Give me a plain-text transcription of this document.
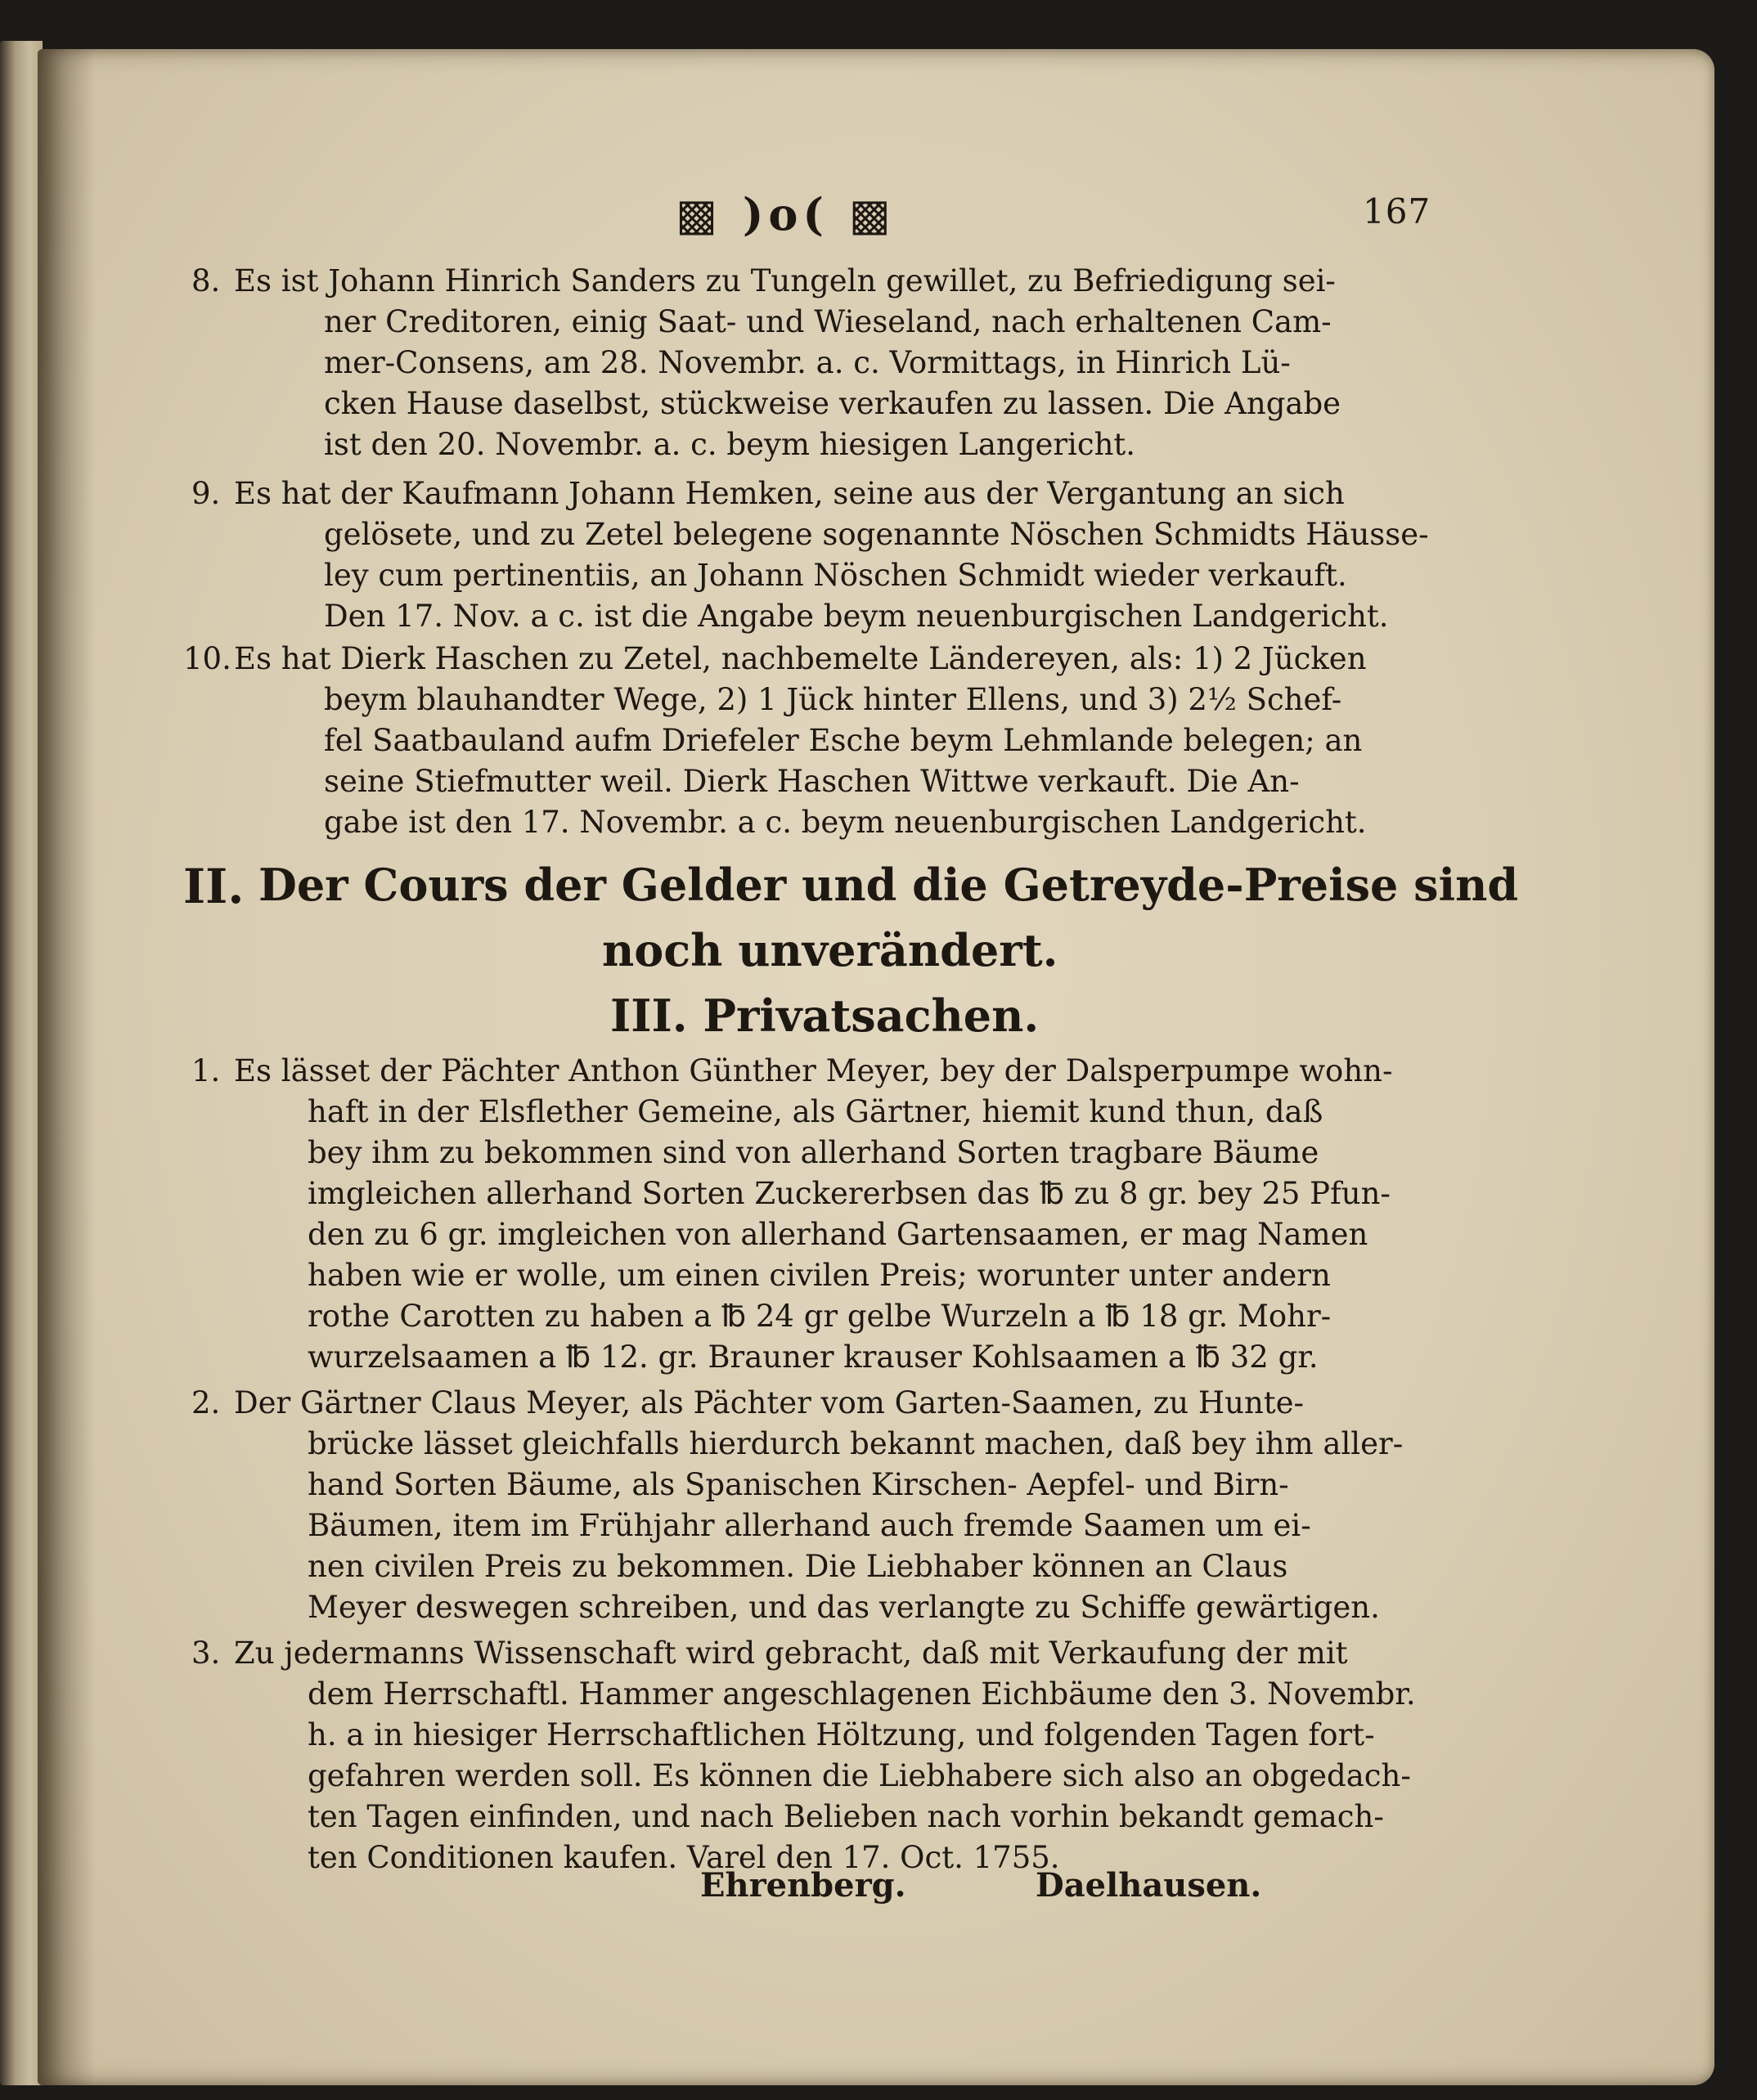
▩ )o( ▩	167
8. Es ist Johann Hinrich Sanders zu Tungeln gewillet, zu Befriedigung sei-
ner Creditoren, einig Saat- und Wieseland, nach erhaltenen Cam-
mer-Consens, am 28. Novembr. a. c. Vormittags, in Hinrich Lü-
cken Hause daselbst, stückweise verkaufen zu lassen. Die Angabe
ist den 20. Novembr. a. c. beym hiesigen Langericht.
9. Es hat der Kaufmann Johann Hemken, seine aus der Vergantung an sich
gelösete, und zu Zetel belegene sogenannte Nöschen Schmidts Häusse-
ley cum pertinentiis, an Johann Nöschen Schmidt wieder verkauft.
Den 17. Nov. a c. ist die Angabe beym neuenburgischen Landgericht.
10. Es hat Dierk Haschen zu Zetel, nachbemelte Ländereyen, als: 1) 2 Jücken
beym blauhandter Wege, 2) 1 Jück hinter Ellens, und 3) 2½ Schef-
fel Saatbauland aufm Driefeler Esche beym Lehmlande belegen; an
seine Stiefmutter weil. Dierk Haschen Wittwe verkauft. Die An-
gabe ist den 17. Novembr. a c. beym neuenburgischen Landgericht.
II. Der Cours der Gelder und die Getreyde-Preise sind
noch unverändert.
III. Privatsachen.
1. Es lässet der Pächter Anthon Günther Meyer, bey der Dalsperpumpe wohn-
haft in der Elsflether Gemeine, als Gärtner, hiemit kund thun, daß
bey ihm zu bekommen sind von allerhand Sorten tragbare Bäume
imgleichen allerhand Sorten Zuckererbsen das ℔ zu 8 gr. bey 25 Pfun-
den zu 6 gr. imgleichen von allerhand Gartensaamen, er mag Namen
haben wie er wolle, um einen civilen Preis; worunter unter andern
rothe Carotten zu haben a ℔ 24 gr gelbe Wurzeln a ℔ 18 gr. Mohr-
wurzelsaamen a ℔ 12. gr. Brauner krauser Kohlsaamen a ℔ 32 gr.
2. Der Gärtner Claus Meyer, als Pächter vom Garten-Saamen, zu Hunte-
brücke lässet gleichfalls hierdurch bekannt machen, daß bey ihm aller-
hand Sorten Bäume, als Spanischen Kirschen- Aepfel- und Birn-
Bäumen, item im Frühjahr allerhand auch fremde Saamen um ei-
nen civilen Preis zu bekommen. Die Liebhaber können an Claus
Meyer deswegen schreiben, und das verlangte zu Schiffe gewärtigen.
3. Zu jedermanns Wissenschaft wird gebracht, daß mit Verkaufung der mit
dem Herrschaftl. Hammer angeschlagenen Eichbäume den 3. Novembr.
h. a in hiesiger Herrschaftlichen Höltzung, und folgenden Tagen fort-
gefahren werden soll. Es können die Liebhabere sich also an obgedach-
ten Tagen einfinden, und nach Belieben nach vorhin bekandt gemach-
ten Conditionen kaufen. Varel den 17. Oct. 1755.
Ehrenberg.	Daelhausen.
